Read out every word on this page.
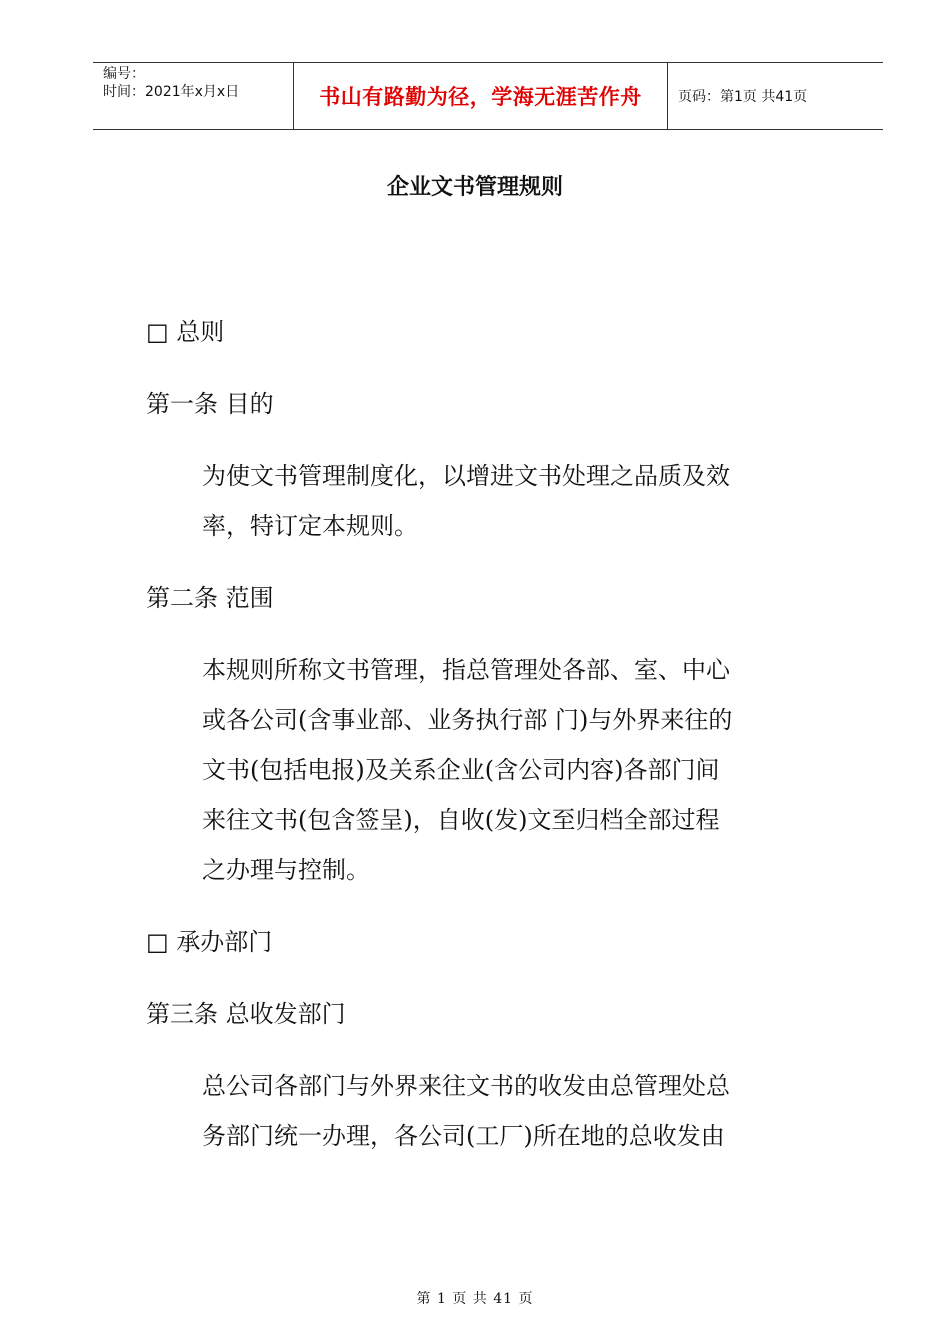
编号：
时间：2021年x月x日	书山有路勤为径，学海无涯苦作舟	页码：第1页 共41页
企业文书管理规则
□ 总则
第一条 目的
为使文书管理制度化，以增进文书处理之品质及效
率，特订定本规则。
第二条 范围
本规则所称文书管理，指总管理处各部、室、中心
或各公司(含事业部、业务执行部 门)与外界来往的
文书(包括电报)及关系企业(含公司内容)各部门间
来往文书(包含签呈)，自收(发)文至归档全部过程
之办理与控制。
□ 承办部门
第三条 总收发部门
总公司各部门与外界来往文书的收发由总管理处总
务部门统一办理，各公司(工厂)所在地的总收发由
第 1 页 共 41 页
